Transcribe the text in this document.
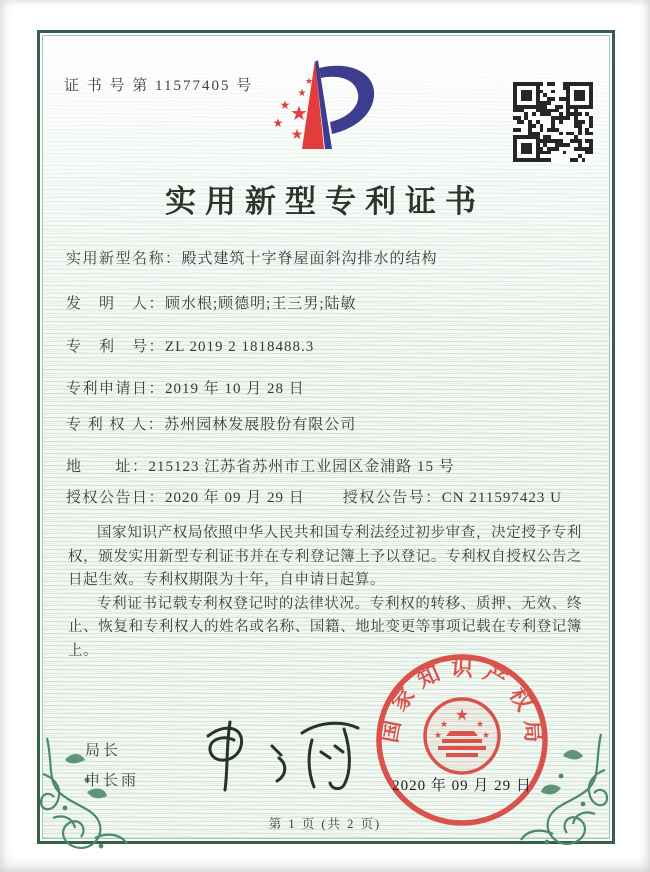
证 书 号 第 11577405 号
★
★
★
★
★
★
实用新型专利证书
实用新型名称： 殿式建筑十字脊屋面斜沟排水的结构
发　明　人： 顾水根;顾德明;王三男;陆敏
专　利　号： ZL 2019 2 1818488.3
专利申请日： 2019 年 10 月 28 日
专 利 权 人： 苏州园林发展股份有限公司
地　　址： 215123 江苏省苏州市工业园区金浦路 15 号
授权公告日： 2020 年 09 月 29 日	授权公告号： CN 211597423 U

国家知识产权局依照中华人民共和国专利法经过初步审查，决定授予专利权，颁发实用新型专利证书并在专利登记簿上予以登记。专利权自授权公告之日起生效。专利权期限为十年，自申请日起算。

专利证书记载专利权登记时的法律状况。专利权的转移、质押、无效、终止、恢复和专利权人的姓名或名称、国籍、地址变更等事项记载在专利登记簿上。

局长
申长雨
国家知识产权局
★
★	★
★	★
2020 年 09 月 29 日
第 1 页 (共 2 页)
